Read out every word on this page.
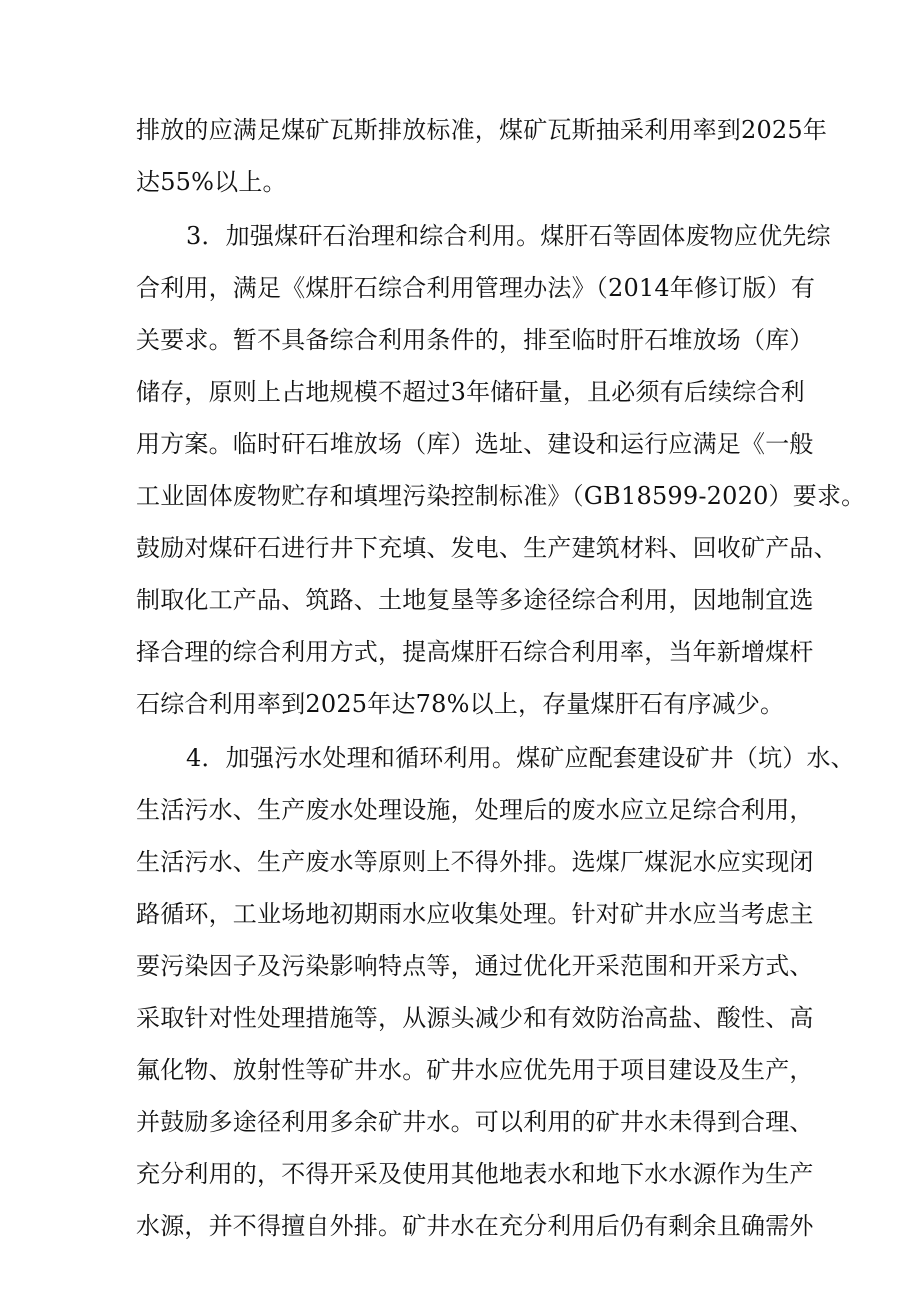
排放的应满足煤矿瓦斯排放标准，煤矿瓦斯抽采利用率到2025年
达55%以上。
3．加强煤矸石治理和综合利用。煤肝石等固体废物应优先综
合利用，满足《煤肝石综合利用管理办法》（2014年修订版）有
关要求。暂不具备综合利用条件的，排至临时肝石堆放场（库）
储存，原则上占地规模不超过3年储矸量，且必须有后续综合利
用方案。临时矸石堆放场（库）选址、建设和运行应满足《一般
工业固体废物贮存和填埋污染控制标准》（GB18599-2020）要求。
鼓励对煤矸石进行井下充填、发电、生产建筑材料、回收矿产品、
制取化工产品、筑路、土地复垦等多途径综合利用，因地制宜选
择合理的综合利用方式，提高煤肝石综合利用率，当年新增煤杆
石综合利用率到2025年达78%以上，存量煤肝石有序减少。
4．加强污水处理和循环利用。煤矿应配套建设矿井（坑）水、
生活污水、生产废水处理设施，处理后的废水应立足综合利用，
生活污水、生产废水等原则上不得外排。选煤厂煤泥水应实现闭
路循环，工业场地初期雨水应收集处理。针对矿井水应当考虑主
要污染因子及污染影响特点等，通过优化开采范围和开采方式、
采取针对性处理措施等，从源头减少和有效防治高盐、酸性、高
氟化物、放射性等矿井水。矿井水应优先用于项目建设及生产，
并鼓励多途径利用多余矿井水。可以利用的矿井水未得到合理、
充分利用的，不得开采及使用其他地表水和地下水水源作为生产
水源，并不得擅自外排。矿井水在充分利用后仍有剩余且确需外
